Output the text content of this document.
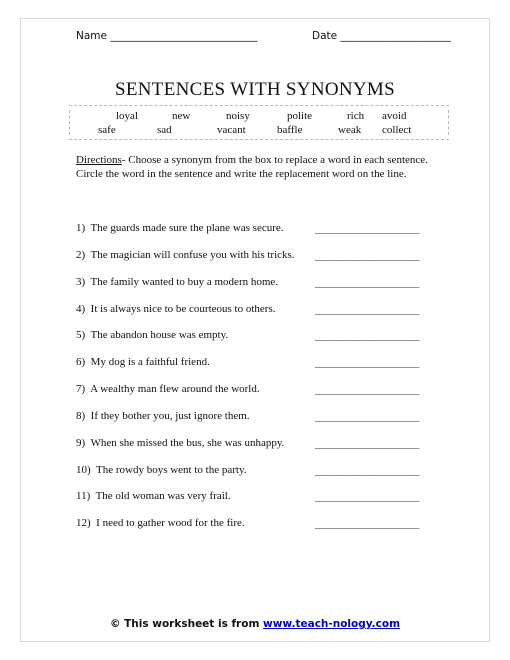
Name ____________________________	Date _____________________
SENTENCES WITH SYNONYMS
loyal	new	noisy	polite	rich avoid
safe	sad	vacant	baffle	weak collect
Directions- Choose a synonym from the box to replace a word in each sentence. Circle the word in the sentence and write the replacement word on the line.
1) The guards made sure the plane was secure.	___________________
2) The magician will confuse you with his tricks. ___________________
3) The family wanted to buy a modern home.	___________________
4) It is always nice to be courteous to others.	___________________
5) The abandon house was empty.	___________________
6) My dog is a faithful friend.	___________________
7) A wealthy man flew around the world.	___________________
8) If they bother you, just ignore them.	___________________
9) When she missed the bus, she was unhappy.	___________________
10) The rowdy boys went to the party.	___________________
11) The old woman was very frail.	___________________
12) I need to gather wood for the fire.	___________________
© This worksheet is from www.teach-nology.com
